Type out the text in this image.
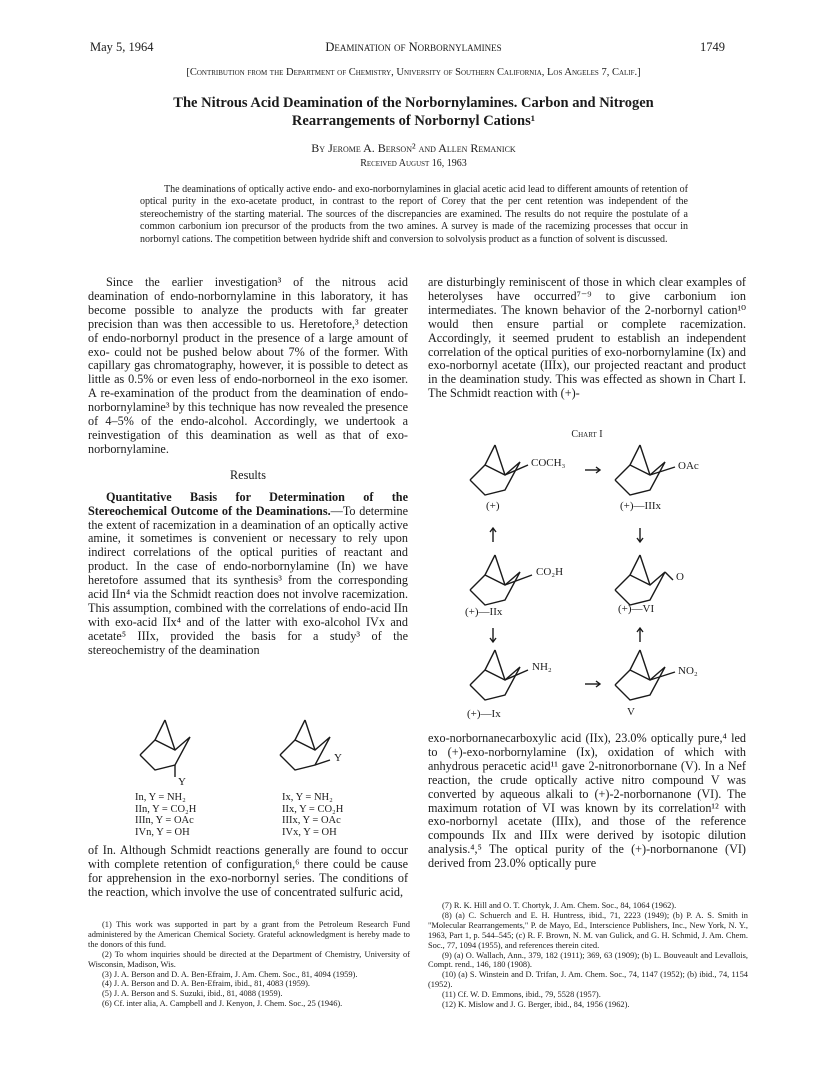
May 5, 1964	Deamination of Norbornylamines	1749
[Contribution from the Department of Chemistry, University of Southern California, Los Angeles 7, Calif.]
The Nitrous Acid Deamination of the Norbornylamines. Carbon and Nitrogen
Rearrangements of Norbornyl Cations¹
By Jerome A. Berson² and Allen Remanick
Received August 16, 1963
The deaminations of optically active endo- and exo-norbornylamines in glacial acetic acid lead to different amounts of retention of optical purity in the exo-acetate product, in contrast to the report of Corey that the per cent retention was independent of the stereochemistry of the starting material. The sources of the discrepancies are examined. The results do not require the postulate of a common carbonium ion precursor of the products from the two amines. A survey is made of the racemizing processes that occur in norbornyl cations. The competition between hydride shift and conversion to solvolysis product as a function of solvent is discussed.

Since the earlier investigation³ of the nitrous acid deamination of endo-norbornylamine in this laboratory, it has become possible to analyze the products with far greater precision than was then accessible to us. Heretofore,³ detection of endo-norbornyl product in the presence of a large amount of exo- could not be pushed below about 7% of the former. With capillary gas chromatography, however, it is possible to detect as little as 0.5% or even less of endo-norborneol in the exo isomer. A re-examination of the product from the deamination of endo-norbornylamine³ by this technique has now revealed the presence of 4–5% of the endo-alcohol. Accordingly, we undertook a reinvestigation of this deamination as well as that of exo-norbornylamine.

Results

Quantitative Basis for Determination of the Stereochemical Outcome of the Deaminations.—To determine the extent of racemization in a deamination of an optically active amine, it sometimes is convenient or necessary to rely upon indirect correlations of the optical purities of reactant and product. In the case of endo-norbornylamine (In) we have heretofore assumed that its synthesis³ from the corresponding acid IIn⁴ via the Schmidt reaction does not involve racemization. This assumption, combined with the correlations of endo-acid IIn with exo-acid IIx⁴ and of the latter with exo-alcohol IVx and acetate⁵ IIIx, provided the basis for a study³ of the stereochemistry of the deamination

Y
Y
In, Y = NH₂
IIn, Y = CO₂H
IIIn, Y = OAc
IVn, Y = OH
Ix, Y = NH₂
IIx, Y = CO₂H
IIIx, Y = OAc
IVx, Y = OH

of In. Although Schmidt reactions generally are found to occur with complete retention of configuration,⁶ there could be cause for apprehension in the exo-norbornyl series. The conditions of the reaction, which involve the use of concentrated sulfuric acid,

(1) This work was supported in part by a grant from the Petroleum Research Fund administered by the American Chemical Society. Grateful acknowledgment is hereby made to the donors of this fund.

(2) To whom inquiries should be directed at the Department of Chemistry, University of Wisconsin, Madison, Wis.

(3) J. A. Berson and D. A. Ben-Efraim, J. Am. Chem. Soc., 81, 4094 (1959).

(4) J. A. Berson and D. A. Ben-Efraim, ibid., 81, 4083 (1959).

(5) J. A. Berson and S. Suzuki, ibid., 81, 4088 (1959).

(6) Cf. inter alia, A. Campbell and J. Kenyon, J. Chem. Soc., 25 (1946).

are disturbingly reminiscent of those in which clear examples of heterolyses have occurred⁷⁻⁹ to give carbonium ion intermediates. The known behavior of the 2-norbornyl cation¹⁰ would then ensure partial or complete racemization. Accordingly, it seemed prudent to establish an independent correlation of the optical purities of exo-norbornylamine (Ix) and exo-norbornyl acetate (IIIx), our projected reactant and product in the deamination study. This was effected as shown in Chart I. The Schmidt reaction with (+)-

Chart I
COCH₃
(+)
OAc
(+)—IIIx
CO₂H
(+)—IIx
O
(+)—VI
NH₂
(+)—Ix
NO₂
V

exo-norbornanecarboxylic acid (IIx), 23.0% optically pure,⁴ led to (+)-exo-norbornylamine (Ix), oxidation of which with anhydrous peracetic acid¹¹ gave 2-nitronorbornane (V). In a Nef reaction, the crude optically active nitro compound V was converted by aqueous alkali to (+)-2-norbornanone (VI). The maximum rotation of VI was known by its correlation¹² with exo-norbornyl acetate (IIIx), and those of the reference compounds IIx and IIIx were derived by isotopic dilution analysis.⁴,⁵ The optical purity of the (+)-norbornanone (VI) derived from 23.0% optically pure

(7) R. K. Hill and O. T. Chortyk, J. Am. Chem. Soc., 84, 1064 (1962).

(8) (a) C. Schuerch and E. H. Huntress, ibid., 71, 2223 (1949); (b) P. A. S. Smith in "Molecular Rearrangements," P. de Mayo, Ed., Interscience Publishers, Inc., New York, N. Y., 1963, Part 1, p. 544–545; (c) R. F. Brown, N. M. van Gulick, and G. H. Schmid, J. Am. Chem. Soc., 77, 1094 (1955), and references therein cited.

(9) (a) O. Wallach, Ann., 379, 182 (1911); 369, 63 (1909); (b) L. Bouveault and Levallois, Compt. rend., 146, 180 (1908).

(10) (a) S. Winstein and D. Trifan, J. Am. Chem. Soc., 74, 1147 (1952); (b) ibid., 74, 1154 (1952).

(11) Cf. W. D. Emmons, ibid., 79, 5528 (1957).

(12) K. Mislow and J. G. Berger, ibid., 84, 1956 (1962).
